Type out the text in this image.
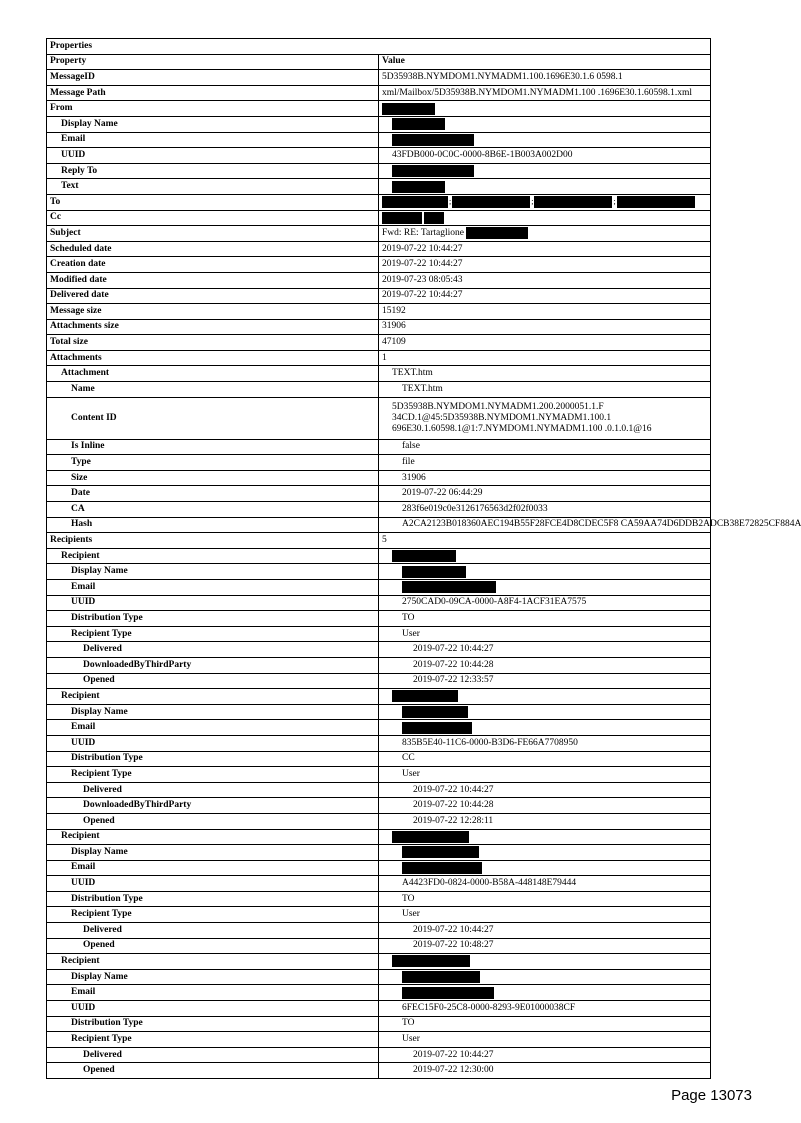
Properties	
Property	Value
MessageID	5D35938B.NYMDOM1.NYMADM1.100.1696E30.1.6 0598.1
Message Path	xml/Mailbox/5D35938B.NYMDOM1.NYMADM1.100 .1696E30.1.60598.1.xml
From	
Display Name	
Email	
UUID	43FDB000-0C0C-0000-8B6E-1B003A002D00
Reply To	
Text	
To	; ; ;
Cc	
Subject	Fwd: RE: Tartaglione
Scheduled date	2019-07-22 10:44:27
Creation date	2019-07-22 10:44:27
Modified date	2019-07-23 08:05:43
Delivered date	2019-07-22 10:44:27
Message size	15192
Attachments size	31906
Total size	47109
Attachments	1
Attachment	TEXT.htm
Name	TEXT.htm
Content ID	5D35938B.NYMDOM1.NYMADM1.200.2000051.1.F
34CD.1@45:5D35938B.NYMDOM1.NYMADM1.100.1
696E30.1.60598.1@1:7.NYMDOM1.NYMADM1.100 .0.1.0.1@16

Is Inline	false
Type	file
Size	31906
Date	2019-07-22 06:44:29
CA	283f6e019c0e3126176563d2f02f0033
Hash	A2CA2123B018360AEC194B55F28FCE4D8CDEC5F8 CA59AA74D6DDB2ADCB38E72825CF884A
Recipients	5
Recipient	
Display Name	
Email	
UUID	2750CAD0-09CA-0000-A8F4-1ACF31EA7575
Distribution Type	TO
Recipient Type	User
Delivered	2019-07-22 10:44:27
DownloadedByThirdParty	2019-07-22 10:44:28
Opened	2019-07-22 12:33:57
Recipient	
Display Name	
Email	
UUID	835B5E40-11C6-0000-B3D6-FE66A7708950
Distribution Type	CC
Recipient Type	User
Delivered	2019-07-22 10:44:27
DownloadedByThirdParty	2019-07-22 10:44:28
Opened	2019-07-22 12:28:11
Recipient	
Display Name	
Email	
UUID	A4423FD0-0824-0000-B58A-448148E79444
Distribution Type	TO
Recipient Type	User
Delivered	2019-07-22 10:44:27
Opened	2019-07-22 10:48:27
Recipient	
Display Name	
Email	
UUID	6FEC15F0-25C8-0000-8293-9E01000038CF
Distribution Type	TO
Recipient Type	User
Delivered	2019-07-22 10:44:27
Opened	2019-07-22 12:30:00
Page 13073
